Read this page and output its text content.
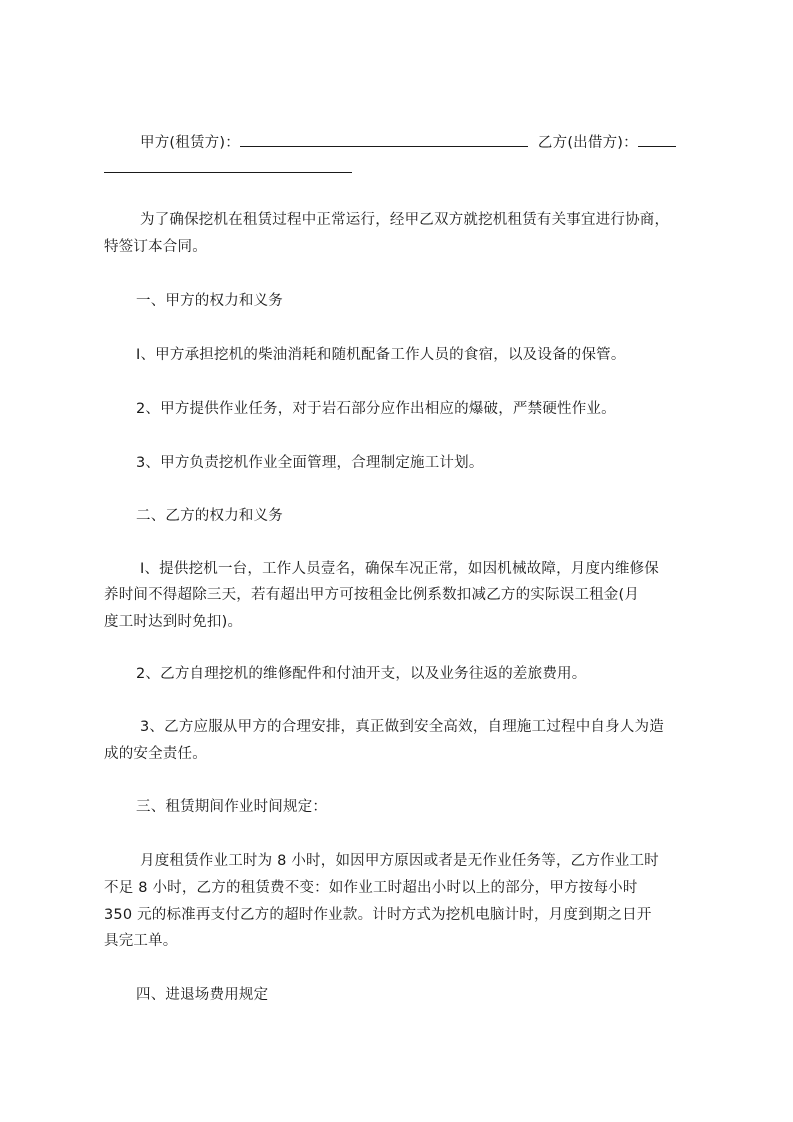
甲方(租赁方)：	乙方(出借方)：
为了确保挖机在租赁过程中正常运行，经甲乙双方就挖机租赁有关事宜进行协商，
特签订本合同。
一、甲方的权力和义务
I、甲方承担挖机的柴油消耗和随机配备工作人员的食宿，以及设备的保管。
2、甲方提供作业任务，对于岩石部分应作出相应的爆破，严禁硬性作业。
3、甲方负责挖机作业全面管理，合理制定施工计划。
二、乙方的权力和义务
I、提供挖机一台，工作人员壹名，确保车况正常，如因机械故障，月度内维修保
养时间不得超除三天，若有超出甲方可按租金比例系数扣减乙方的实际误工租金(月
度工时达到时免扣)。
2、乙方自理挖机的维修配件和付油开支，以及业务往返的差旅费用。
3、乙方应服从甲方的合理安排，真正做到安全高效，自理施工过程中自身人为造
成的安全责任。
三、租赁期间作业时间规定：
月度租赁作业工时为 8 小时，如因甲方原因或者是无作业任务等，乙方作业工时
不足 8 小时，乙方的租赁费不变：如作业工时超出小时以上的部分，甲方按每小时
350 元的标准再支付乙方的超时作业款。计时方式为挖机电脑计时，月度到期之日开
具完工单。
四、进退场费用规定
